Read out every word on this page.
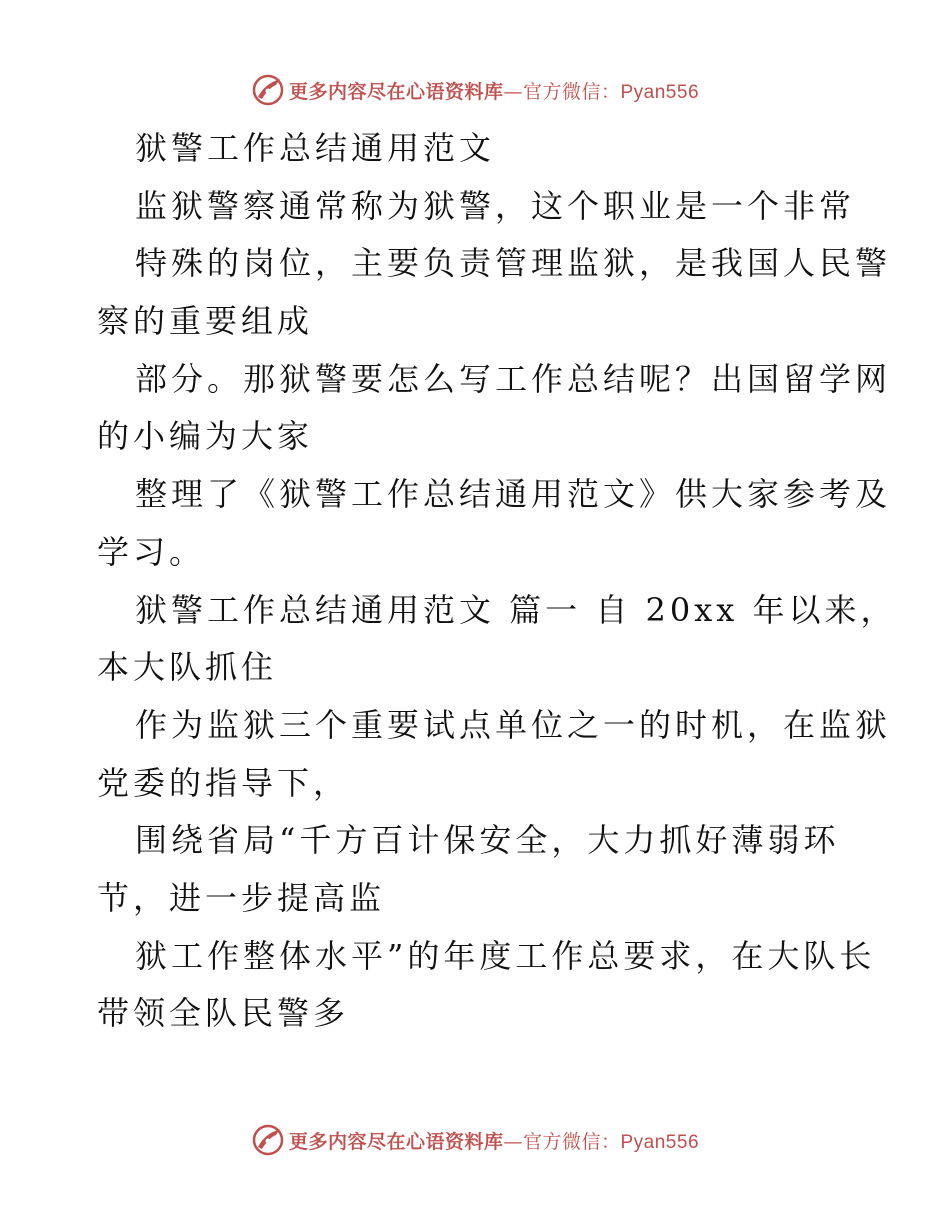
更多内容尽在心语资料库—官方微信：Pyan556
狱警工作总结通用范文
监狱警察通常称为狱警，这个职业是一个非常
特殊的岗位，主要负责管理监狱，是我国人民警
察的重要组成
部分。那狱警要怎么写工作总结呢？出国留学网
的小编为大家
整理了《狱警工作总结通用范文》供大家参考及
学习。
狱警工作总结通用范文 篇一 自 20xx 年以来，
本大队抓住
作为监狱三个重要试点单位之一的时机，在监狱
党委的指导下，
围绕省局“千方百计保安全，大力抓好薄弱环
节，进一步提高监
狱工作整体水平”的年度工作总要求，在大队长
带领全队民警多
更多内容尽在心语资料库—官方微信：Pyan556
